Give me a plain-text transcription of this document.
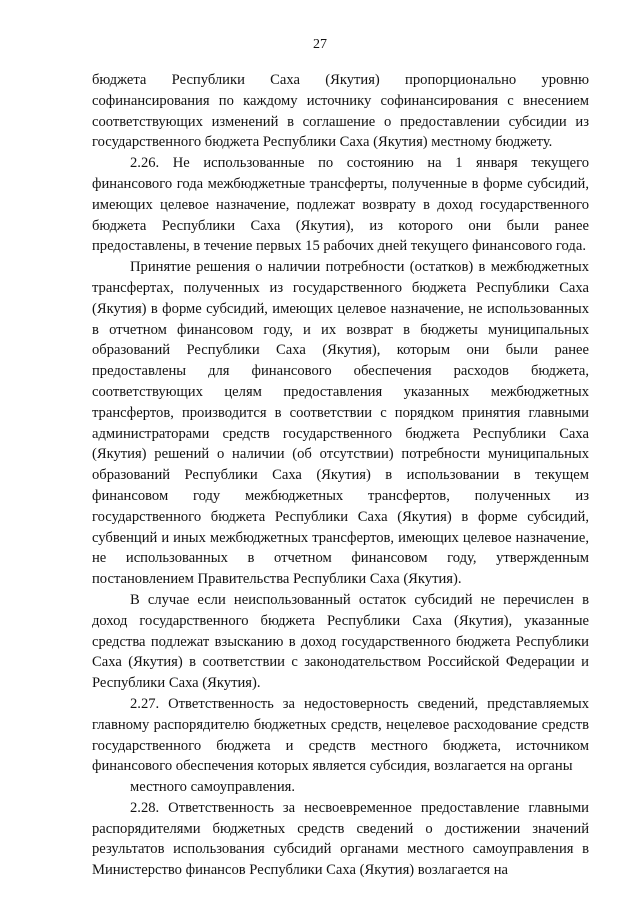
27

бюджета Республики Саха (Якутия) пропорционально уровню софинансирования по каждому источнику софинансирования с внесением соответствующих изменений в соглашение о предоставлении субсидии из государственного бюджета Республики Саха (Якутия) местному бюджету.

2.26. Не использованные по состоянию на 1 января текущего финансового года межбюджетные трансферты, полученные в форме субсидий, имеющих целевое назначение, подлежат возврату в доход государственного бюджета Республики Саха (Якутия), из которого они были ранее предоставлены, в течение первых 15 рабочих дней текущего финансового года.

Принятие решения о наличии потребности (остатков) в межбюджетных трансфертах, полученных из государственного бюджета Республики Саха (Якутия) в форме субсидий, имеющих целевое назначение, не использованных в отчетном финансовом году, и их возврат в бюджеты муниципальных образований Республики Саха (Якутия), которым они были ранее предоставлены для финансового обеспечения расходов бюджета, соответствующих целям предоставления указанных межбюджетных трансфертов, производится в соответствии с порядком принятия главными администраторами средств государственного бюджета Республики Саха (Якутия) решений о наличии (об отсутствии) потребности муниципальных образований Республики Саха (Якутия) в использовании в текущем финансовом году межбюджетных трансфертов, полученных из государственного бюджета Республики Саха (Якутия) в форме субсидий, субвенций и иных межбюджетных трансфертов, имеющих целевое назначение, не использованных в отчетном финансовом году, утвержденным постановлением Правительства Республики Саха (Якутия).

В случае если неиспользованный остаток субсидий не перечислен в доход государственного бюджета Республики Саха (Якутия), указанные средства подлежат взысканию в доход государственного бюджета Республики Саха (Якутия) в соответствии с законодательством Российской Федерации и Республики Саха (Якутия).

2.27. Ответственность за недостоверность сведений, представляемых главному распорядителю бюджетных средств, нецелевое расходование средств государственного бюджета и средств местного бюджета, источником финансового обеспечения которых является субсидия, возлагается на органы

местного самоуправления.

2.28. Ответственность за несвоевременное предоставление главными распорядителями бюджетных средств сведений о достижении значений результатов использования субсидий органами местного самоуправления в Министерство финансов Республики Саха (Якутия) возлагается на
